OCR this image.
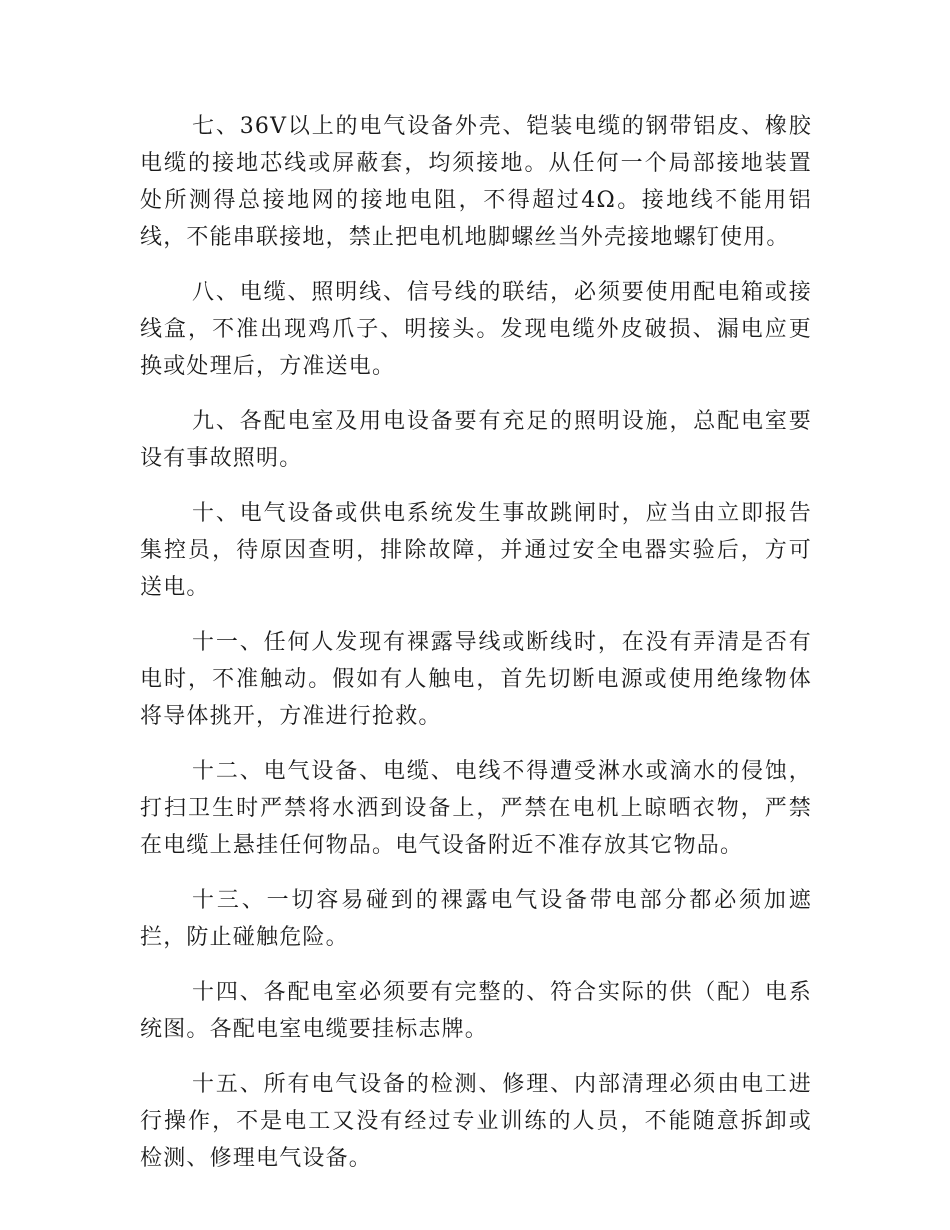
七、36V以上的电气设备外壳、铠装电缆的钢带铝皮、橡胶电缆的接地芯线或屏蔽套，均须接地。从任何一个局部接地装置处所测得总接地网的接地电阻，不得超过4Ω。接地线不能用铝线，不能串联接地，禁止把电机地脚螺丝当外壳接地螺钉使用。

八、电缆、照明线、信号线的联结，必须要使用配电箱或接线盒，不准出现鸡爪子、明接头。发现电缆外皮破损、漏电应更换或处理后，方准送电。

九、各配电室及用电设备要有充足的照明设施，总配电室要设有事故照明。

十、电气设备或供电系统发生事故跳闸时，应当由立即报告集控员，待原因查明，排除故障，并通过安全电器实验后，方可送电。

十一、任何人发现有裸露导线或断线时，在没有弄清是否有电时，不准触动。假如有人触电，首先切断电源或使用绝缘物体将导体挑开，方准进行抢救。

十二、电气设备、电缆、电线不得遭受淋水或滴水的侵蚀，打扫卫生时严禁将水洒到设备上，严禁在电机上晾晒衣物，严禁在电缆上悬挂任何物品。电气设备附近不准存放其它物品。

十三、一切容易碰到的裸露电气设备带电部分都必须加遮拦，防止碰触危险。

十四、各配电室必须要有完整的、符合实际的供（配）电系统图。各配电室电缆要挂标志牌。

十五、所有电气设备的检测、修理、内部清理必须由电工进行操作，不是电工又没有经过专业训练的人员，不能随意拆卸或检测、修理电气设备。
